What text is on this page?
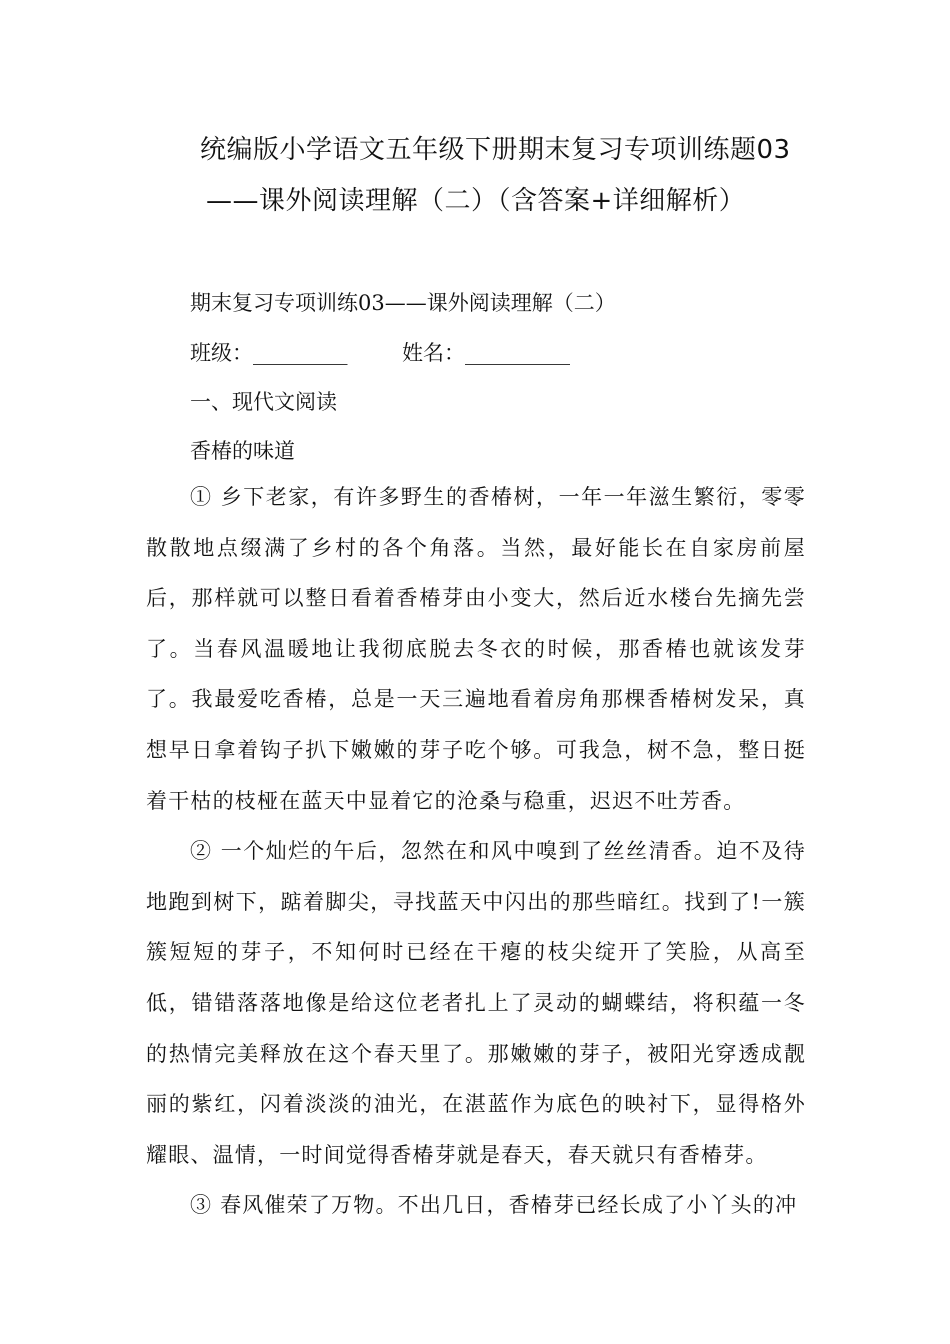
统编版小学语文五年级下册期末复习专项训练题03
——课外阅读理解（二）（含答案+详细解析）
期末复习专项训练03——课外阅读理解（二）
班级：_________	姓名：__________
一、现代文阅读
香椿的味道

① 乡下老家，有许多野生的香椿树，一年一年滋生繁衍，零零散散地点缀满了乡村的各个角落。当然，最好能长在自家房前屋后，那样就可以整日看着香椿芽由小变大，然后近水楼台先摘先尝了。当春风温暖地让我彻底脱去冬衣的时候，那香椿也就该发芽了。我最爱吃香椿，总是一天三遍地看着房角那棵香椿树发呆，真想早日拿着钩子扒下嫩嫩的芽子吃个够。可我急，树不急，整日挺着干枯的枝桠在蓝天中显着它的沧桑与稳重，迟迟不吐芳香。

② 一个灿烂的午后，忽然在和风中嗅到了丝丝清香。迫不及待地跑到树下，踮着脚尖，寻找蓝天中闪出的那些暗红。找到了!一簇簇短短的芽子，不知何时已经在干瘪的枝尖绽开了笑脸，从高至低，错错落落地像是给这位老者扎上了灵动的蝴蝶结，将积蕴一冬的热情完美释放在这个春天里了。那嫩嫩的芽子，被阳光穿透成靓丽的紫红，闪着淡淡的油光，在湛蓝作为底色的映衬下，显得格外耀眼、温情，一时间觉得香椿芽就是春天，春天就只有香椿芽。

③ 春风催荣了万物。不出几日，香椿芽已经长成了小丫头的冲
